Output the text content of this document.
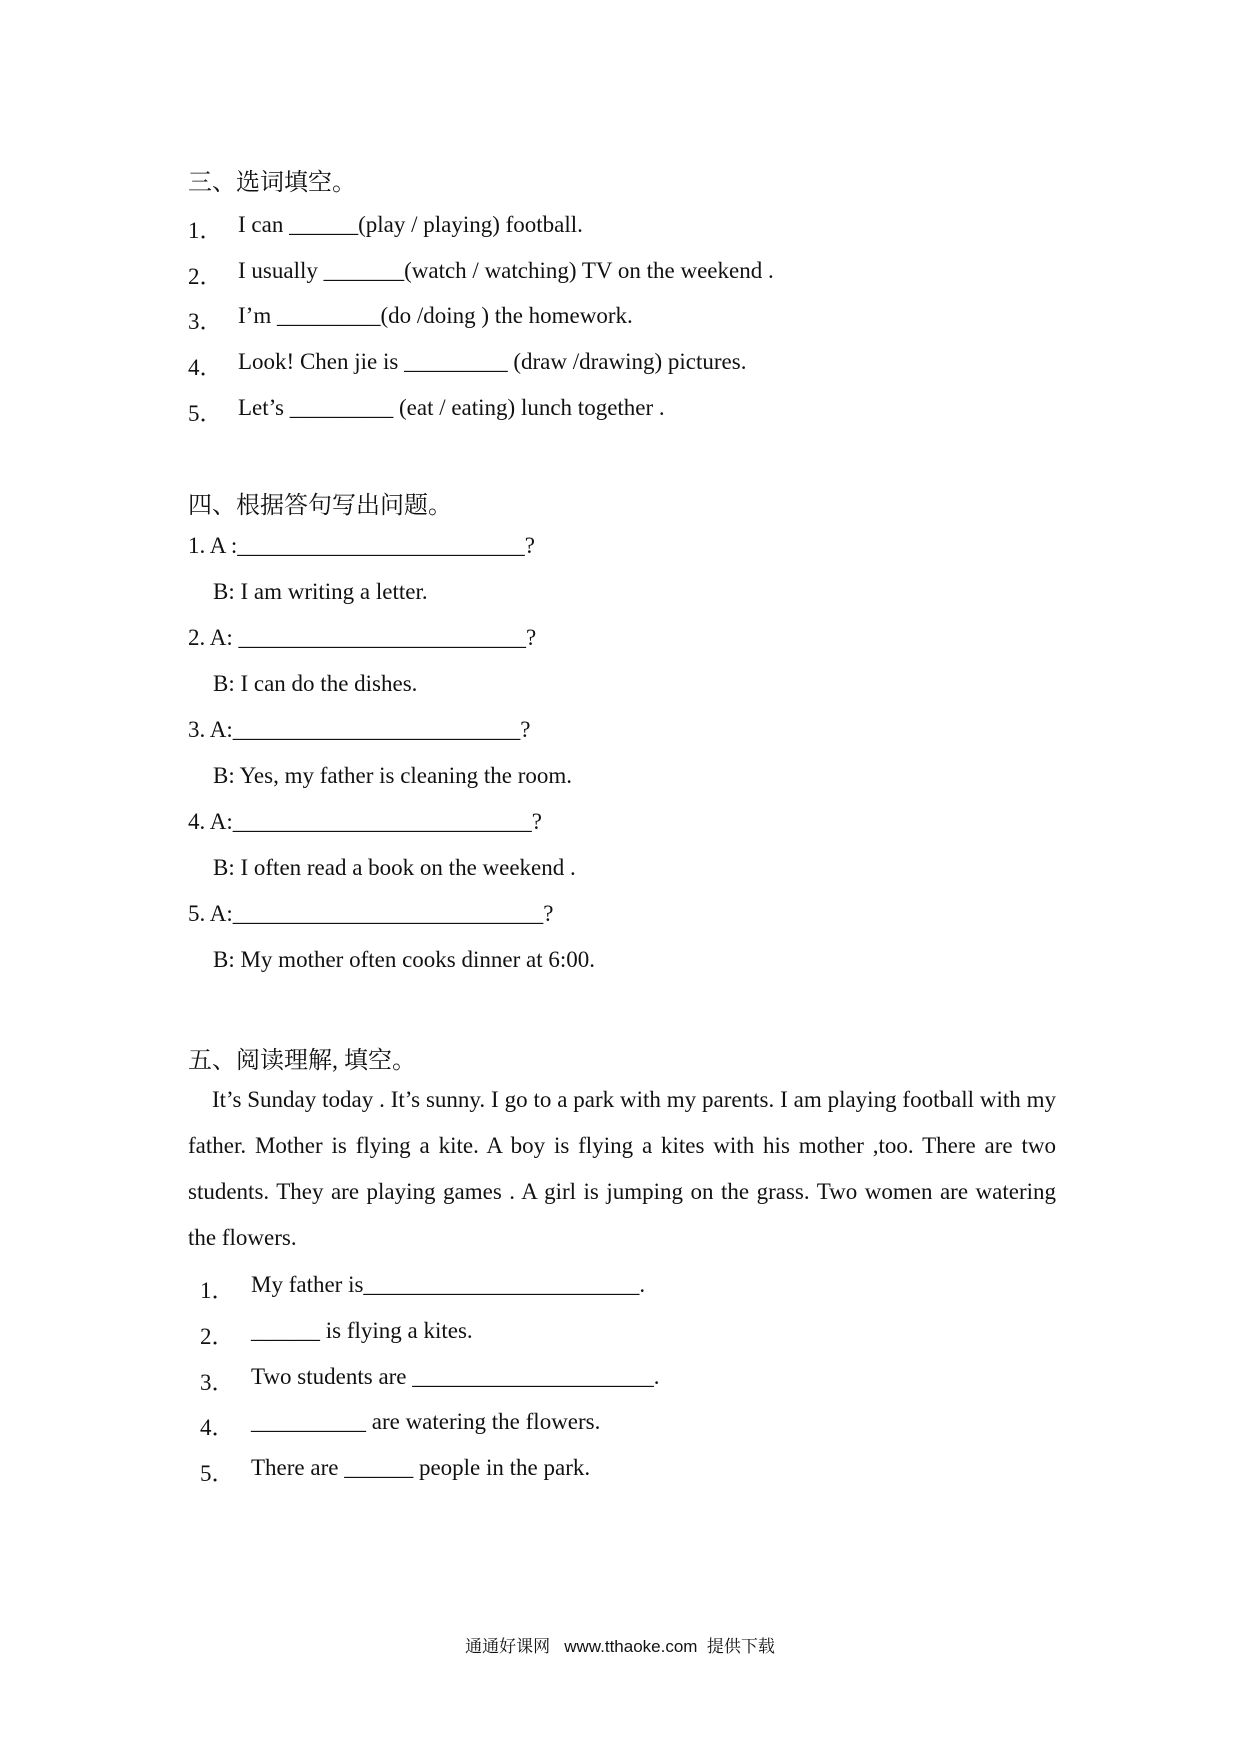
三、选词填空。
1． I can ______(play / playing) football.
2． I usually _______(watch / watching) TV on the weekend .
3． I’m _________(do /doing ) the homework.
4． Look! Chen jie is _________ (draw /drawing) pictures.
5． Let’s _________ (eat / eating) lunch together .
四、根据答句写出问题。
1. A :_________________________?
B: I am writing a letter.
2. A: _________________________?
B: I can do the dishes.
3. A:_________________________?
B: Yes, my father is cleaning the room.
4. A:__________________________?
B: I often read a book on the weekend .
5. A:___________________________?
B: My mother often cooks dinner at 6:00.
五、阅读理解, 填空。
It’s Sunday today . It’s sunny. I go to a park with my parents. I am playing football with my father. Mother is flying a kite. A boy is flying a kites with his mother ,too. There are two students. They are playing games . A girl is jumping on the grass. Two women are watering the flowers.
1． My father is________________________.
2． ______ is flying a kites.
3． Two students are _____________________.
4． __________ are watering the flowers.
5． There are ______ people in the park.
通通好课网   www.tthaoke.com  提供下载
